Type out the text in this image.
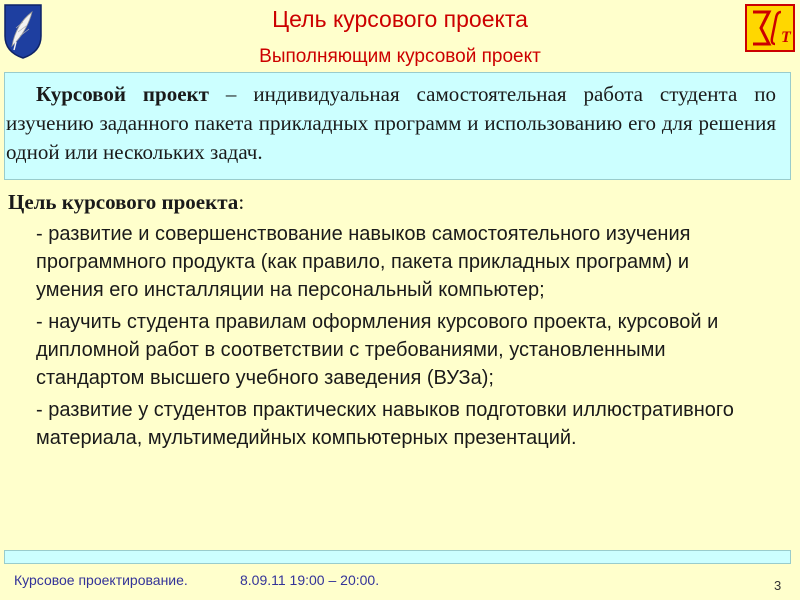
Цель курсового проекта
Выполняющим курсовой проект
T
Курсовой проект – индивидуальная самостоятельная работа студента по изучению заданного пакета прикладных программ и использованию его для решения одной или нескольких задач.
Цель курсового проекта:
- развитие и совершенствование навыков самостоятельного изучения программного продукта (как правило, пакета прикладных программ) и умения его инсталляции на персональный компьютер;
- научить студента правилам оформления курсового проекта, курсовой и дипломной работ в соответствии с требованиями, установленными стандартом высшего учебного заведения (ВУЗа);
- развитие у студентов практических навыков подготовки иллюстративного материала, мультимедийных компьютерных презентаций.
Курсовое проектирование.	8.09.11 19:00 – 20:00.	3
